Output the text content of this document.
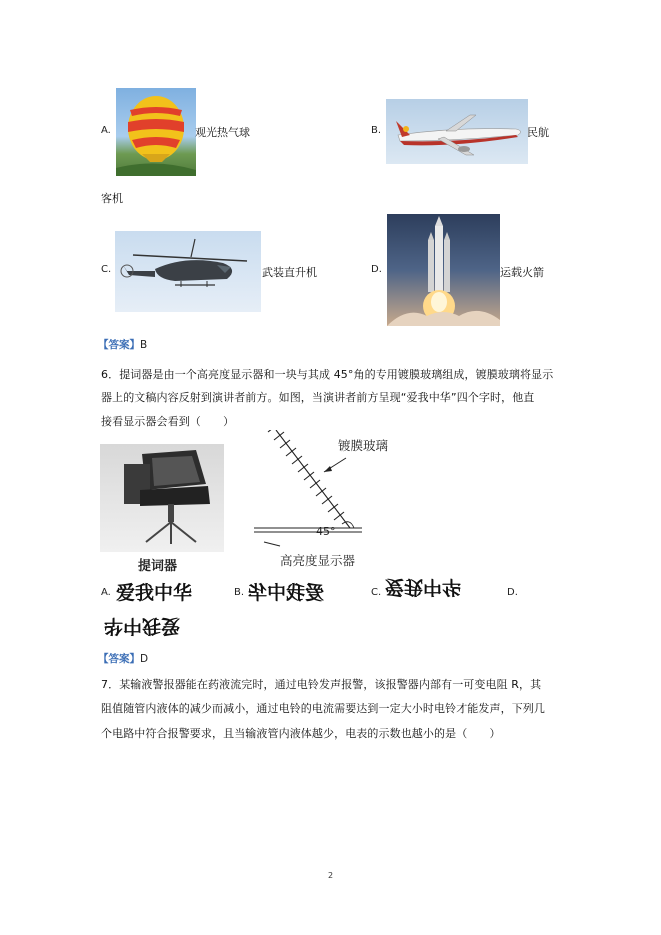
A.	观光热气球	B.	民航
客机
C.	武装直升机	D.	运载火箭
【答案】B
6．提词器是由一个高亮度显示器和一块与其成 45°角的专用镀膜玻璃组成，镀膜玻璃将显示
器上的文稿内容反射到演讲者前方。如图，当演讲者前方呈现“爱我中华”四个字时，他直
接看显示器会看到（　　）
提词器
镀膜玻璃
45°
高亮度显示器
A. 爱我中华	B. 爱我中华	C. 爱我中华	D.
爱我中华
【答案】D
7．某输液警报器能在药液流完时，通过电铃发声报警，该报警器内部有一可变电阻 R，其
阻值随管内液体的减少而减小，通过电铃的电流需要达到一定大小时电铃才能发声，下列几
个电路中符合报警要求，且当输液管内液体越少，电表的示数也越小的是（　　）
2
